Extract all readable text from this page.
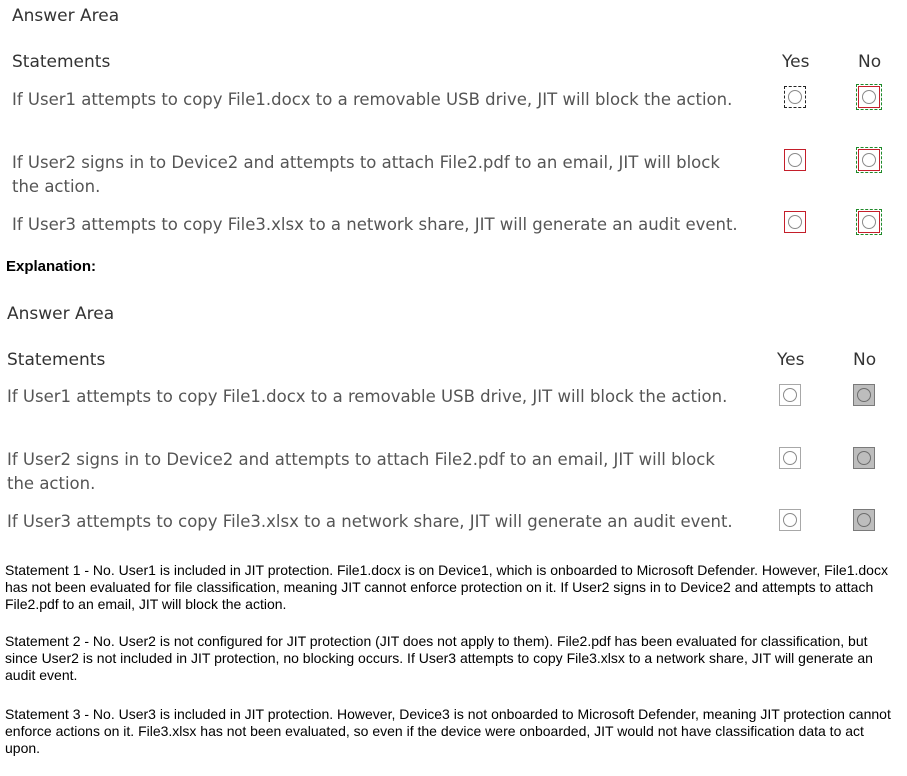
Answer Area
Statements	Yes	No
If User1 attempts to copy File1.docx to a removable USB drive, JIT will block the action.
If User2 signs in to Device2 and attempts to attach File2.pdf to an email, JIT will block the action.
If User3 attempts to copy File3.xlsx to a network share, JIT will generate an audit event.
Explanation:
Answer Area
Statements	Yes	No
If User1 attempts to copy File1.docx to a removable USB drive, JIT will block the action.
If User2 signs in to Device2 and attempts to attach File2.pdf to an email, JIT will block the action.
If User3 attempts to copy File3.xlsx to a network share, JIT will generate an audit event.
Statement 1 - No. User1 is included in JIT protection. File1.docx is on Device1, which is onboarded to Microsoft Defender. However, File1.docx has not been evaluated for file classification, meaning JIT cannot enforce protection on it. If User2 signs in to Device2 and attempts to attach File2.pdf to an email, JIT will block the action.
Statement 2 - No. User2 is not configured for JIT protection (JIT does not apply to them). File2.pdf has been evaluated for classification, but since User2 is not included in JIT protection, no blocking occurs. If User3 attempts to copy File3.xlsx to a network share, JIT will generate an audit event.
Statement 3 - No. User3 is included in JIT protection. However, Device3 is not onboarded to Microsoft Defender, meaning JIT protection cannot enforce actions on it. File3.xlsx has not been evaluated, so even if the device were onboarded, JIT would not have classification data to act upon.
